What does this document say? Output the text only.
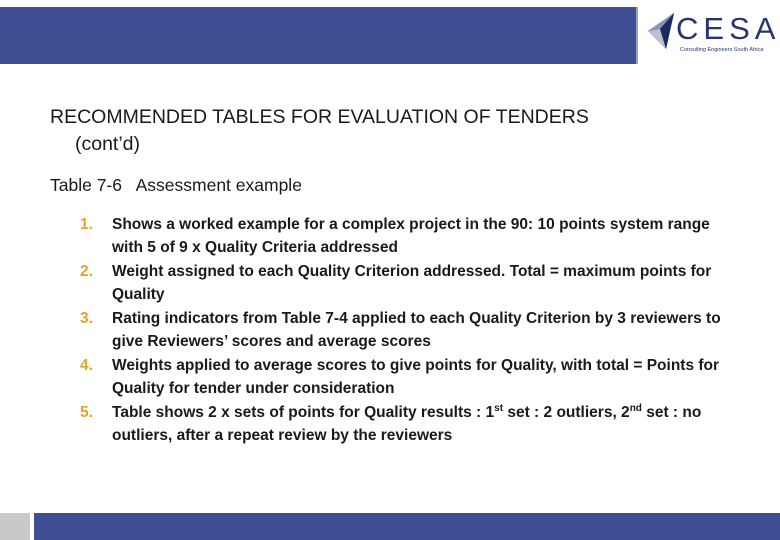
CESA
Consulting Engineers South Africa
RECOMMENDED TABLES FOR EVALUATION OF TENDERS
(cont’d)

Table 7-6   Assessment example

1.	Shows a worked example for a complex project in the 90: 10 points system range with 5 of 9 x Quality Criteria addressed
2.	Weight assigned to each Quality Criterion addressed. Total = maximum points for Quality
3.	Rating indicators from Table 7-4 applied to each Quality Criterion by 3 reviewers to give Reviewers’ scores and average scores
4.	Weights applied to average scores to give points for Quality, with total = Points for Quality for tender under consideration
5.	Table shows 2 x sets of points for Quality results : 1st set : 2 outliers, 2nd set : no outliers, after a repeat review by the reviewers
